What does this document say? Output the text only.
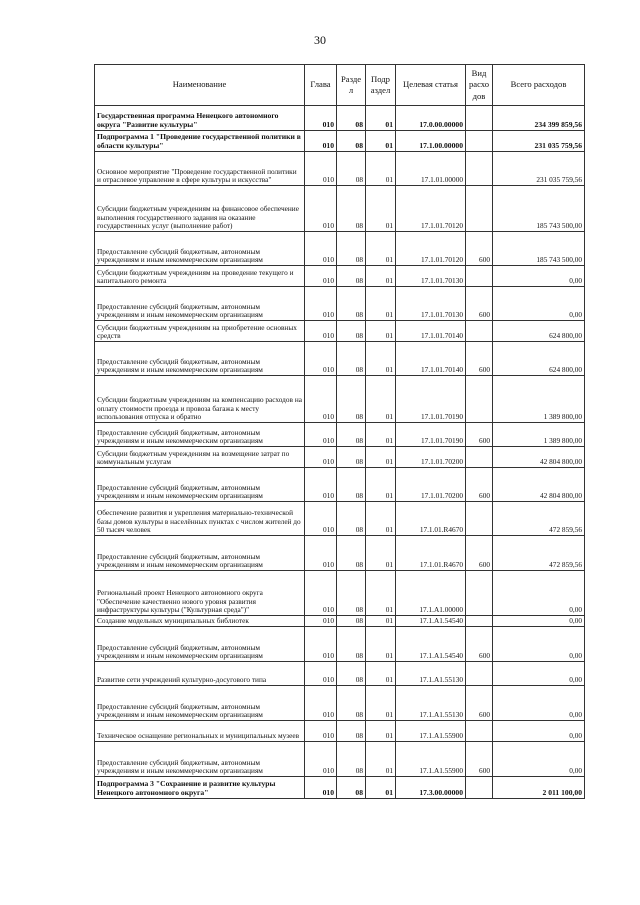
30
Наименование	Глава	Разде л	Подр аздел	Целевая статья	Вид расхо дов	Всего расходов
Государственная программа Ненецкого автономного округа "Развитие культуры"	010	08	01	17.0.00.00000		234 399 859,56
Подпрограмма 1 "Проведение государственной политики в области культуры"	010	08	01	17.1.00.00000		231 035 759,56
Основное мероприятие "Проведение государственной политики и отраслевое управление в сфере культуры и искусства"	010	08	01	17.1.01.00000		231 035 759,56
Субсидии бюджетным учреждениям на финансовое обеспечение выполнения государственного задания на оказание государственных услуг (выполнение работ)	010	08	01	17.1.01.70120		185 743 500,00
Предоставление субсидий бюджетным, автономным учреждениям и иным некоммерческим организациям	010	08	01	17.1.01.70120	600	185 743 500,00
Субсидии бюджетным учреждениям на проведение текущего и капитального ремонта	010	08	01	17.1.01.70130		0,00
Предоставление субсидий бюджетным, автономным учреждениям и иным некоммерческим организациям	010	08	01	17.1.01.70130	600	0,00
Субсидии бюджетным учреждениям на приобретение основных средств	010	08	01	17.1.01.70140		624 800,00
Предоставление субсидий бюджетным, автономным учреждениям и иным некоммерческим организациям	010	08	01	17.1.01.70140	600	624 800,00
Субсидии бюджетным учреждениям на компенсацию расходов на оплату стоимости проезда и провоза багажа к месту использования отпуска и обратно	010	08	01	17.1.01.70190		1 389 800,00
Предоставление субсидий бюджетным, автономным учреждениям и иным некоммерческим организациям	010	08	01	17.1.01.70190	600	1 389 800,00
Субсидии бюджетным учреждениям на возмещение затрат по коммунальным услугам	010	08	01	17.1.01.70200		42 804 800,00
Предоставление субсидий бюджетным, автономным учреждениям и иным некоммерческим организациям	010	08	01	17.1.01.70200	600	42 804 800,00
Обеспечение развития и укрепления материально-технической базы домов культуры в населённых пунктах с числом жителей до 50 тысяч человек	010	08	01	17.1.01.R4670		472 859,56
Предоставление субсидий бюджетным, автономным учреждениям и иным некоммерческим организациям	010	08	01	17.1.01.R4670	600	472 859,56
Региональный проект Ненецкого автономного округа "Обеспечение качественно нового уровня развития инфраструктуры культуры ("Культурная среда")"	010	08	01	17.1.A1.00000		0,00
Создание модельных муниципальных библиотек	010	08	01	17.1.A1.54540		0,00
Предоставление субсидий бюджетным, автономным учреждениям и иным некоммерческим организациям	010	08	01	17.1.A1.54540	600	0,00
Развитие сети учреждений культурно-досугового типа	010	08	01	17.1.A1.55130		0,00
Предоставление субсидий бюджетным, автономным учреждениям и иным некоммерческим организациям	010	08	01	17.1.A1.55130	600	0,00
Техническое оснащение региональных и муниципальных музеев	010	08	01	17.1.A1.55900		0,00
Предоставление субсидий бюджетным, автономным учреждениям и иным некоммерческим организациям	010	08	01	17.1.A1.55900	600	0,00
Подпрограмма 3 "Сохранение и развитие культуры Ненецкого автономного округа"	010	08	01	17.3.00.00000		2 011 100,00
